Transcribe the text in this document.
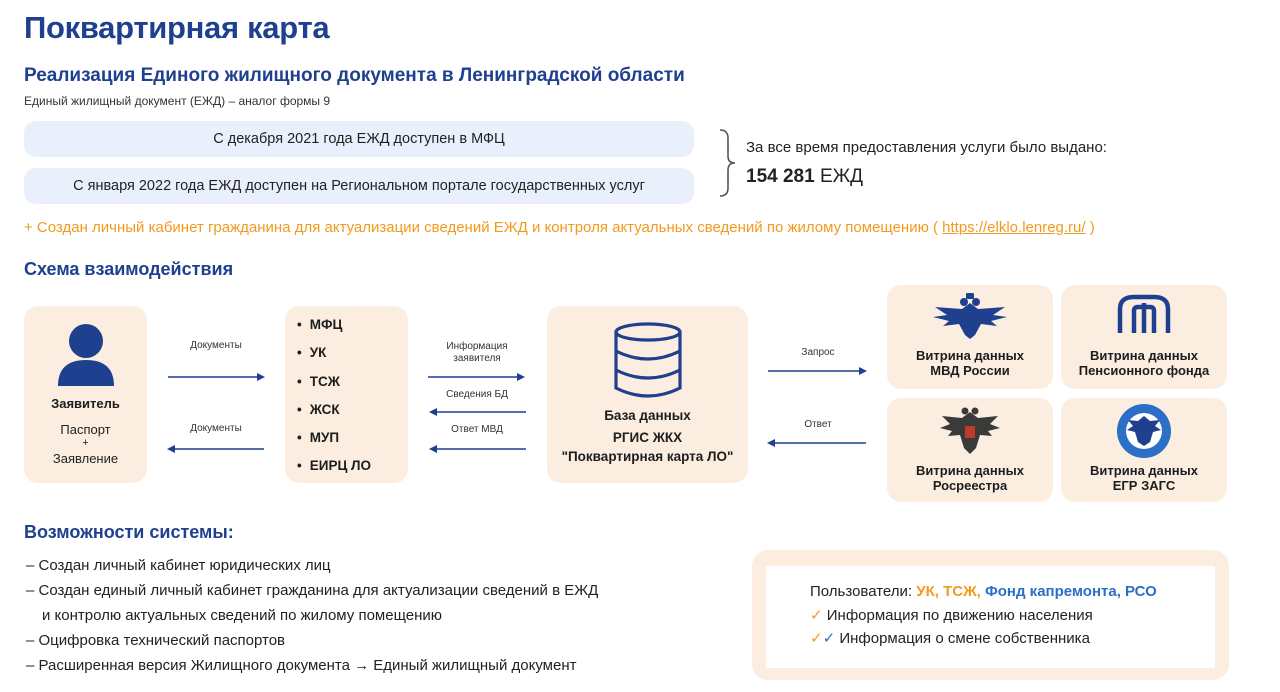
Поквартирная карта
Реализация Единого жилищного документа в Ленинградской области
Единый жилищный документ (ЕЖД) – аналог формы 9
С декабря 2021 года ЕЖД доступен в МФЦ
С января 2022 года ЕЖД доступен на Региональном портале государственных услуг
За все время предоставления услуги было выдано:
154 281 ЕЖД
+ Создан личный кабинет гражданина для актуализации сведений ЕЖД и контроля актуальных сведений по жилому помещению ( https://elklo.lenreg.ru/ )
Схема взаимодействия
Заявитель
Паспорт
+
Заявление
Документы
Документы
• МФЦ
• УК
• ТСЖ
• ЖСК
• МУП
• ЕИРЦ ЛО
Информация
заявителя
Сведения БД
Ответ МВД
База данных
РГИС ЖКХ
"Поквартирная карта ЛО"
Запрос
Ответ
Витрина данных
МВД России
Витрина данных
Пенсионного фонда
Витрина данных
Росреестра
Витрина данных
ЕГР ЗАГС
Возможности системы:
– Создан личный кабинет юридических лиц
– Создан единый личный кабинет гражданина для актуализации сведений в ЕЖД
и контролю актуальных сведений по жилому помещению
– Оцифровка технический паспортов
– Расширенная версия Жилищного документа → Единый жилищный документ
Пользователи: УК, ТСЖ, Фонд капремонта, РСО
✓ Информация по движению населения
✓✓ Информация о смене собственника
